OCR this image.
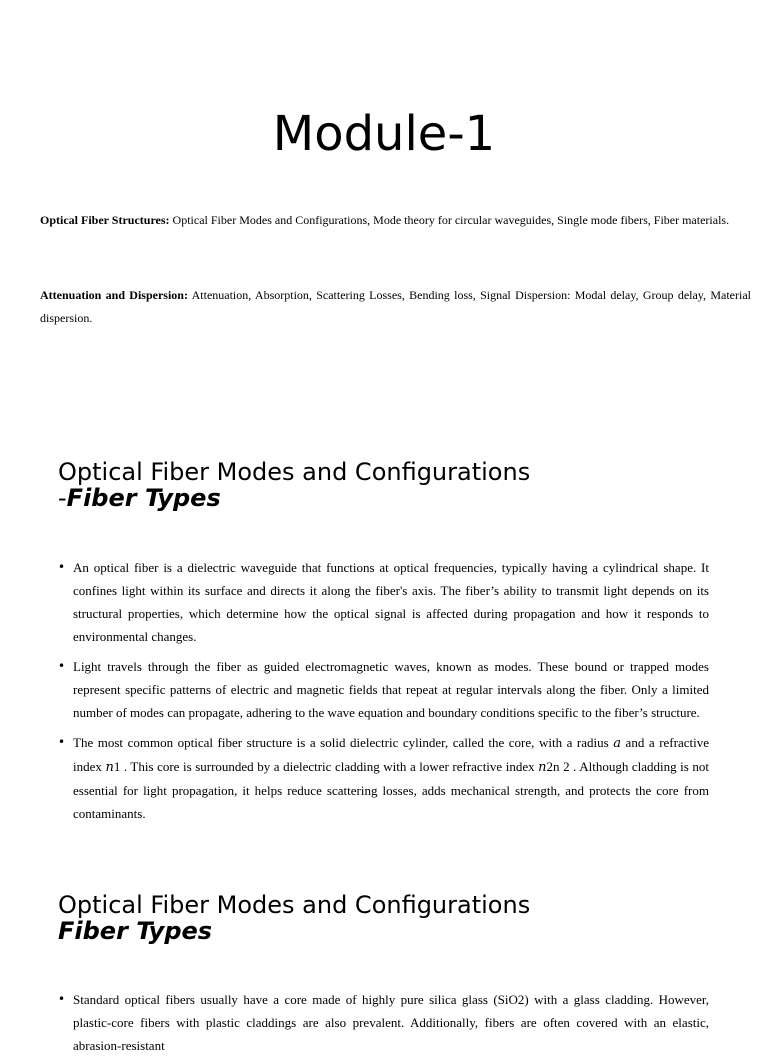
Module-1

Optical Fiber Structures: Optical Fiber Modes and Configurations, Mode theory for circular waveguides, Single mode fibers, Fiber materials.

Attenuation and Dispersion: Attenuation, Absorption, Scattering Losses, Bending loss, Signal Dispersion: Modal delay, Group delay, Material dispersion.

Optical Fiber Modes and Configurations
-Fiber Types
• An optical fiber is a dielectric waveguide that functions at optical frequencies, typically having a cylindrical shape. It confines light within its surface and directs it along the fiber's axis. The fiber’s ability to transmit light depends on its structural properties, which determine how the optical signal is affected during propagation and how it responds to environmental changes.
• Light travels through the fiber as guided electromagnetic waves, known as modes. These bound or trapped modes represent specific patterns of electric and magnetic fields that repeat at regular intervals along the fiber. Only a limited number of modes can propagate, adhering to the wave equation and boundary conditions specific to the fiber’s structure.
• The most common optical fiber structure is a solid dielectric cylinder, called the core, with a radius a and a refractive index n1 . This core is surrounded by a dielectric cladding with a lower refractive index n2n 2 . Although cladding is not essential for light propagation, it helps reduce scattering losses, adds mechanical strength, and protects the core from contaminants.
Optical Fiber Modes and Configurations
Fiber Types
• Standard optical fibers usually have a core made of highly pure silica glass (SiO2) with a glass cladding. However, plastic-core fibers with plastic claddings are also prevalent. Additionally, fibers are often covered with an elastic, abrasion-resistant
